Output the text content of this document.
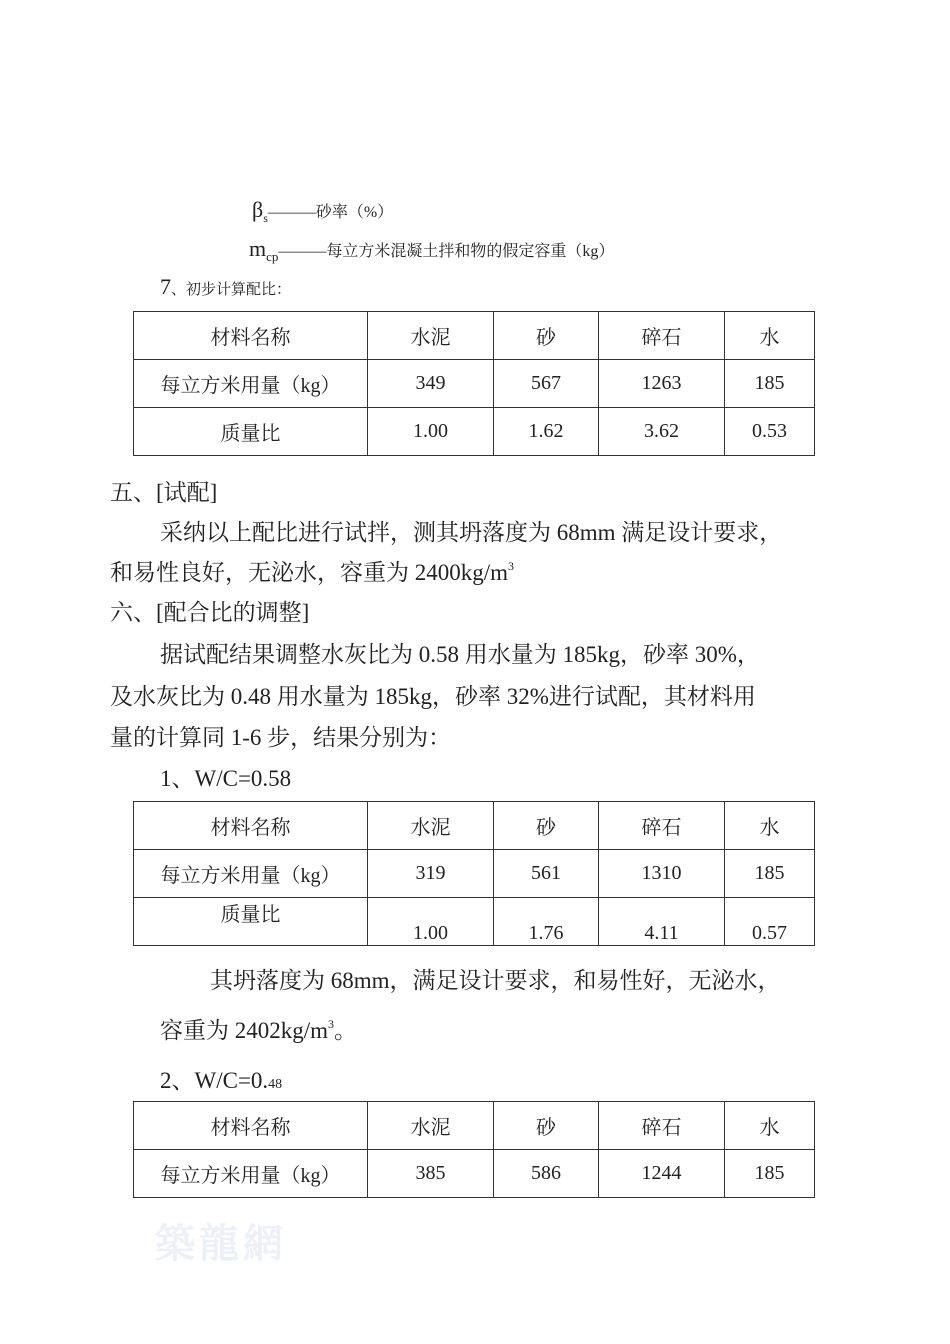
$\beta_s———$砂率（%）
$m_{cp}———$每立方米混凝土拌和物的假定容重（kg）
7、初步计算配比：
材料名称	水泥	砂	碎石	水
每立方米用量（kg）	349	567	1263	185
质量比	1.00	1.62	3.62	0.53
五、[试配]
采纳以上配比进行试拌，测其坍落度为 68mm 满足设计要求，
和易性良好，无泌水，容重为 $2400kg/m^3$
六、[配合比的调整]
据试配结果调整水灰比为 0.58 用水量为 185kg，砂率 30%，
及水灰比为 0.48 用水量为 185kg，砂率 32%进行试配，其材料用
量的计算同 1-6 步，结果分别为：
1、W/C=0.58
材料名称	水泥	砂	碎石	水
每立方米用量（kg）	319	561	1310	185
质量比	1.00	1.76	4.11	0.57
其坍落度为 68mm，满足设计要求，和易性好，无泌水，
容重为 $2402kg/m^3$。
2、W/C=0.48
材料名称	水泥	砂	碎石	水
每立方米用量（kg）	385	586	1244	185
築龍網
